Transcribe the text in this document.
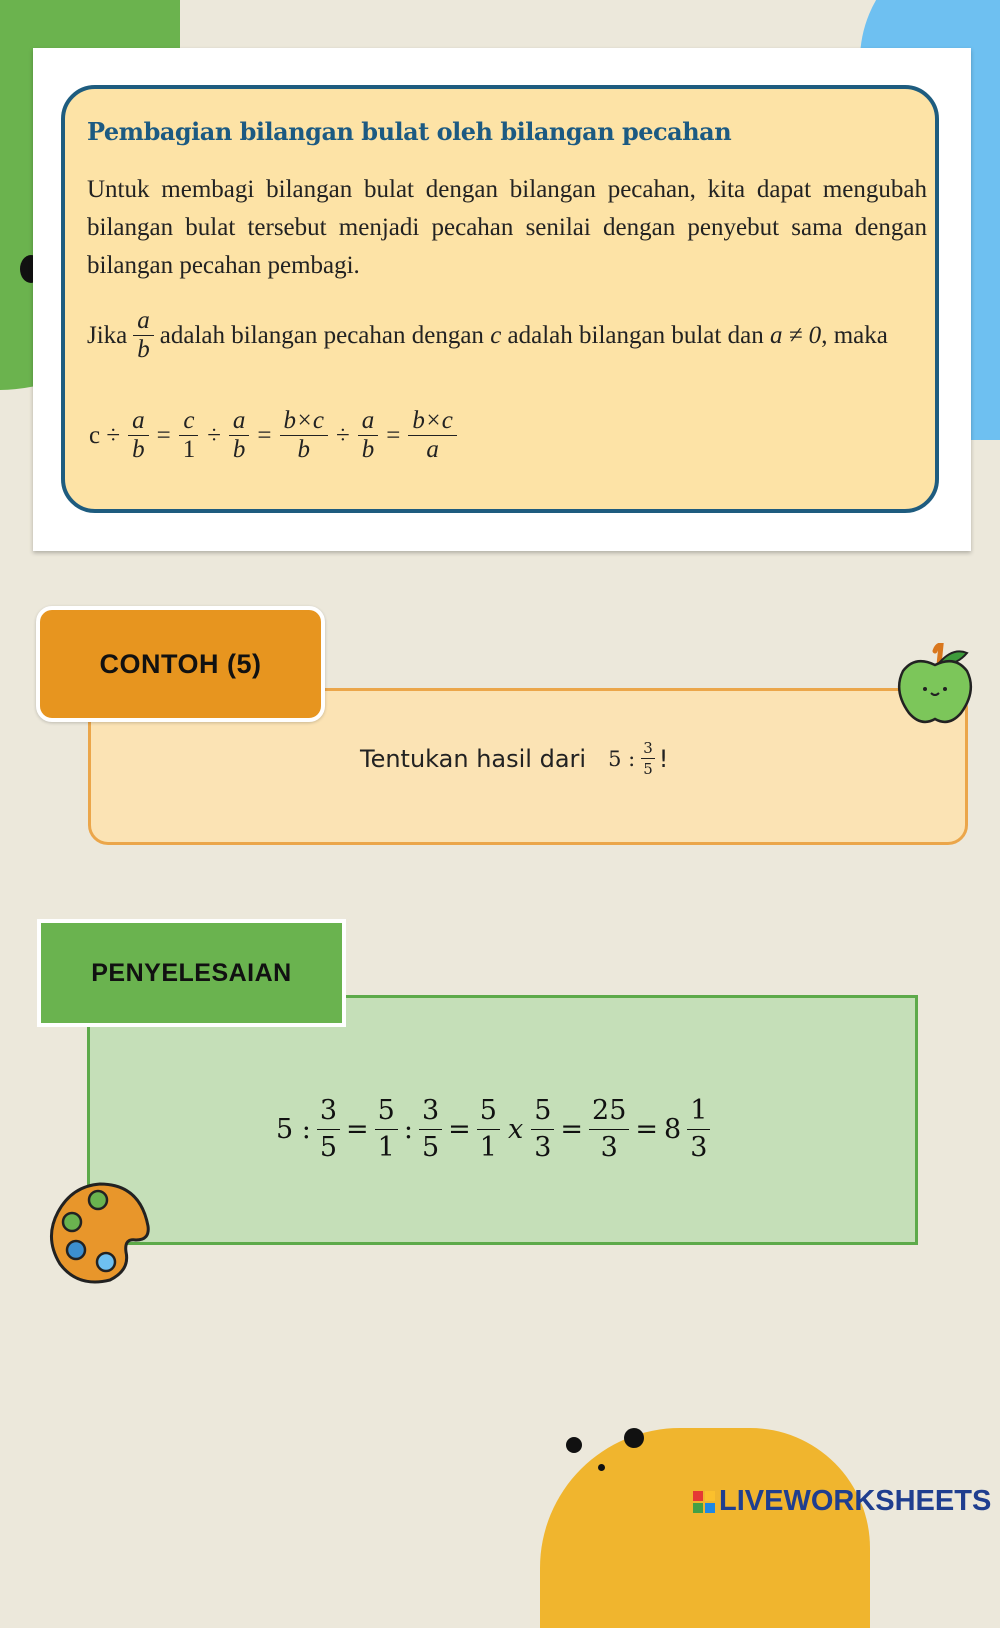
Pembagian bilangan bulat oleh bilangan pecahan
Untuk membagi bilangan bulat dengan bilangan pecahan, kita dapat mengubah bilangan bulat tersebut menjadi pecahan senilai dengan penyebut sama dengan bilangan pecahan pembagi.
Jika $\frac{a}{b}$ adalah bilangan pecahan dengan
c
adalah bilangan bulat dan
a ≠ 0 , maka
$c \div \frac{a}{b} = \frac{c}{1} \div \frac{a}{b} = \frac{b\times c}{b} \div \frac{a}{b} = \frac{b\times c}{a}$
CONTOH (5)
Tentukan hasil dari 5 : $\frac{3}{5}$ !
PENYELESAIAN
5 : $\frac{3}{5} = \frac{5}{1}$ : $\frac{3}{5} = \frac{5}{1}$ x $\frac{5}{3} = \frac{25}{3} = 8 \frac{1}{3}$
LIVEWORKSHEETS
